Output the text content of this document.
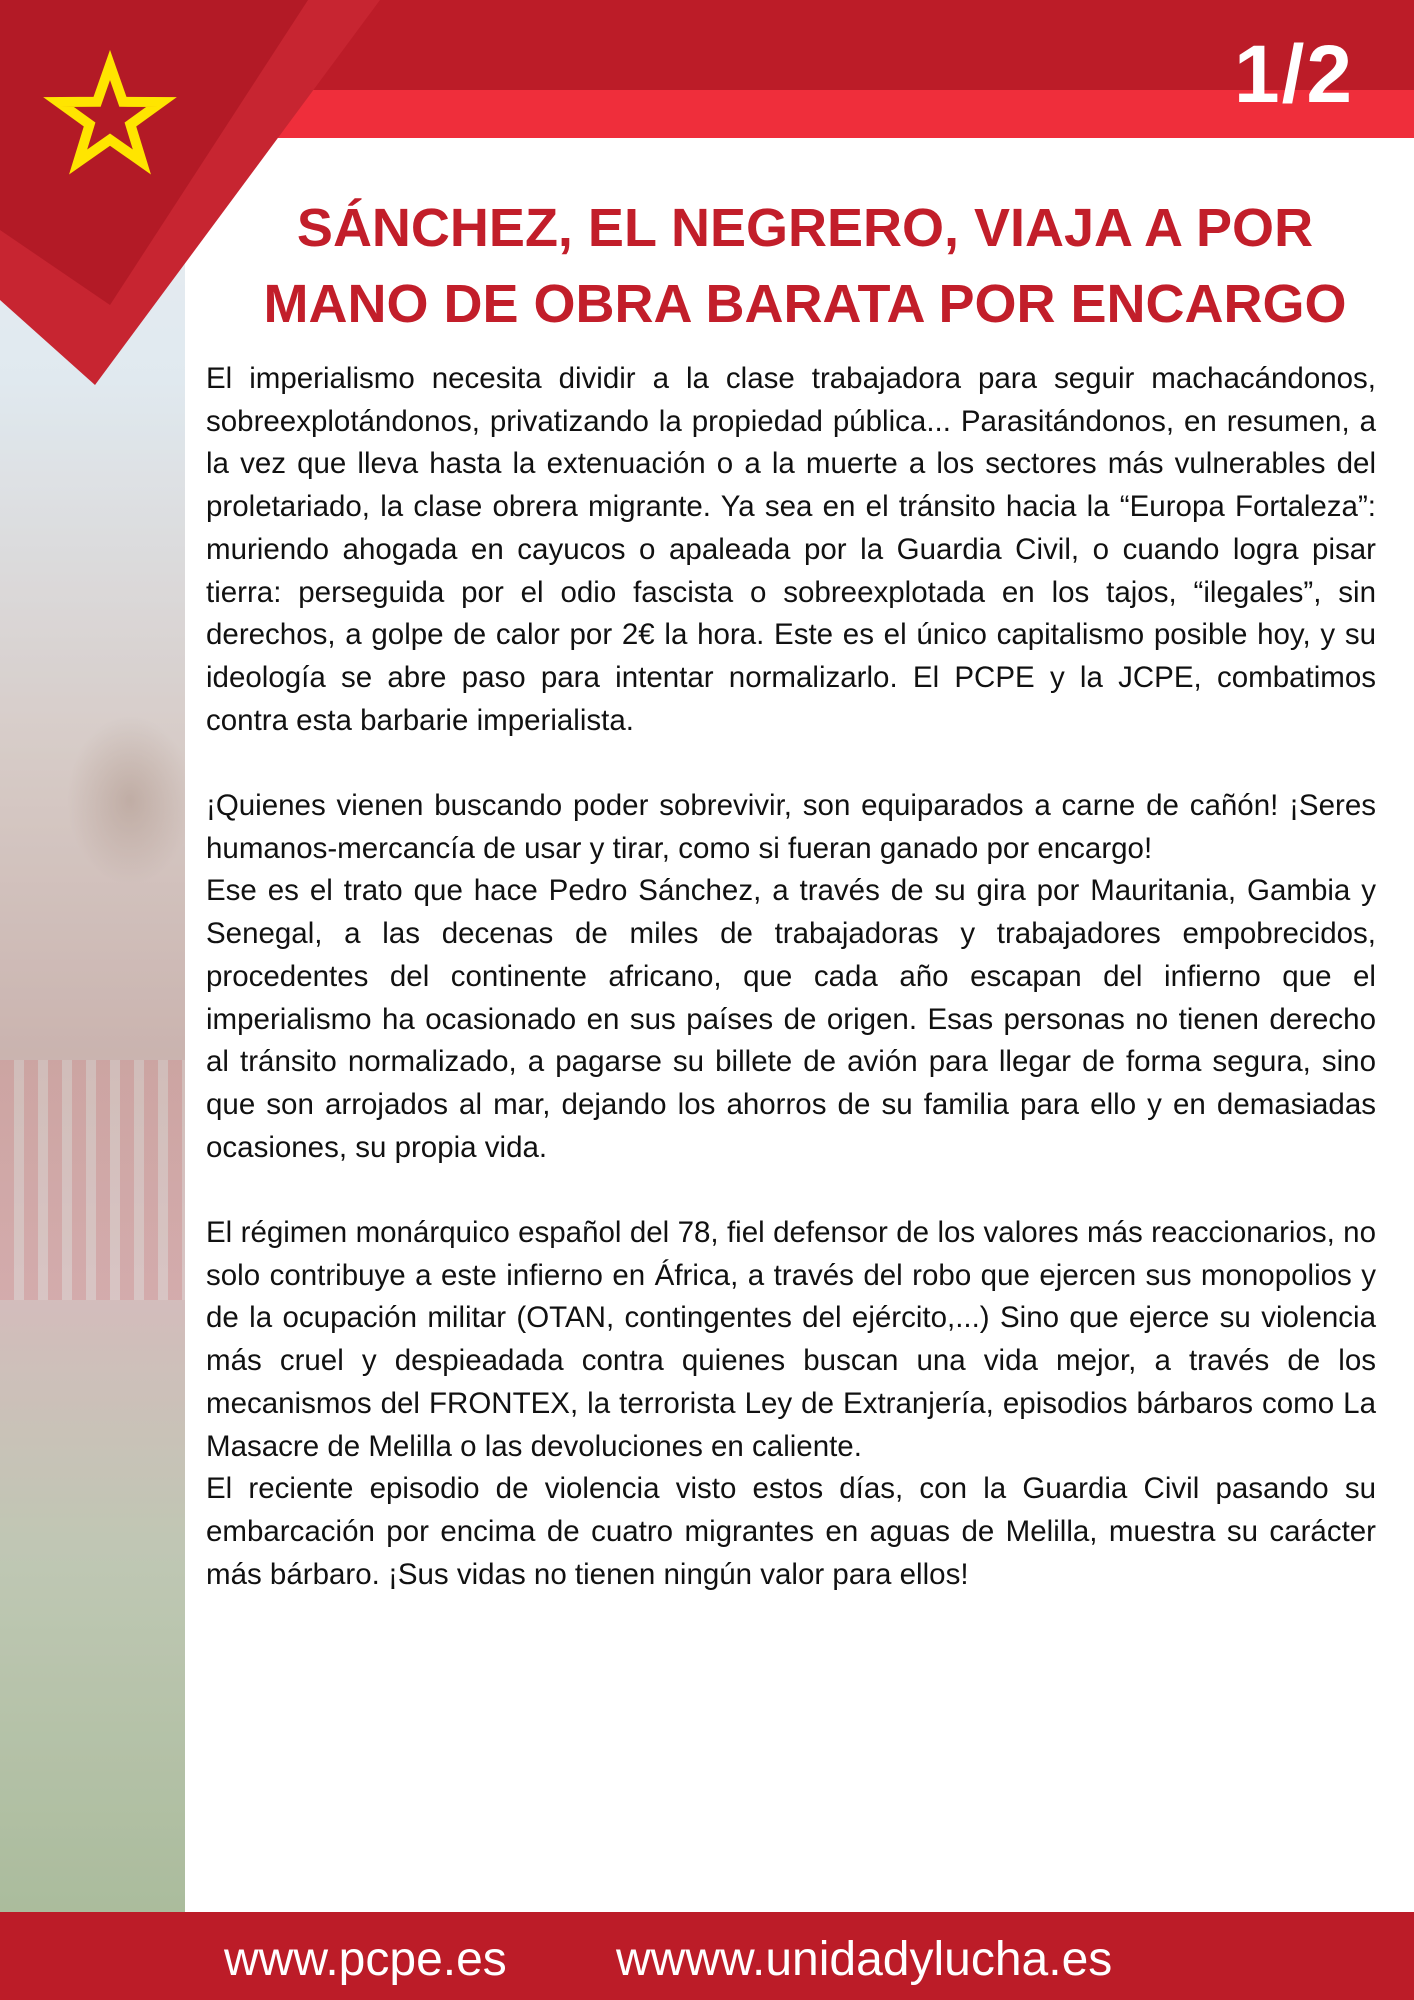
1/2
SÁNCHEZ, EL NEGRERO, VIAJA A POR
MANO DE OBRA BARATA POR ENCARGO

El imperialismo necesita dividir a la clase trabajadora para seguir machacándonos, sobreexplotándonos, privatizando la propiedad pública... Parasitándonos, en resumen, a la vez que lleva hasta la extenuación o a la muerte a los sectores más vulnerables del proletariado, la clase obrera migrante. Ya sea en el tránsito hacia la “Europa Fortaleza”: muriendo ahogada en cayucos o apaleada por la Guardia Civil, o cuando logra pisar tierra: perseguida por el odio fascista o sobreexplotada en los tajos, “ilegales”, sin derechos, a golpe de calor por 2€ la hora. Este es el único capitalismo posible hoy, y su ideología se abre paso para intentar normalizarlo. El PCPE y la JCPE, combatimos contra esta barbarie imperialista.

¡Quienes vienen buscando poder sobrevivir, son equiparados a carne de cañón! ¡Seres humanos-mercancía de usar y tirar, como si fueran ganado por encargo!

Ese es el trato que hace Pedro Sánchez, a través de su gira por Mauritania, Gambia y Senegal, a las decenas de miles de trabajadoras y trabajadores empobrecidos, procedentes del continente africano, que cada año escapan del infierno que el imperialismo ha ocasionado en sus países de origen. Esas personas no tienen derecho al tránsito normalizado, a pagarse su billete de avión para llegar de forma segura, sino que son arrojados al mar, dejando los ahorros de su familia para ello y en demasiadas ocasiones, su propia vida.

El régimen monárquico español del 78, fiel defensor de los valores más reaccionarios, no solo contribuye a este infierno en África, a través del robo que ejercen sus monopolios y de la ocupación militar (OTAN, contingentes del ejército,...) Sino que ejerce su violencia más cruel y despieadada contra quienes buscan una vida mejor, a través de los mecanismos del FRONTEX, la terrorista Ley de Extranjería, episodios bárbaros como La Masacre de Melilla o las devoluciones en caliente.

El reciente episodio de violencia visto estos días, con la Guardia Civil pasando su embarcación por encima de cuatro migrantes en aguas de Melilla, muestra su carácter más bárbaro. ¡Sus vidas no tienen ningún valor para ellos!

www.pcpe.es wwww.unidadylucha.es
